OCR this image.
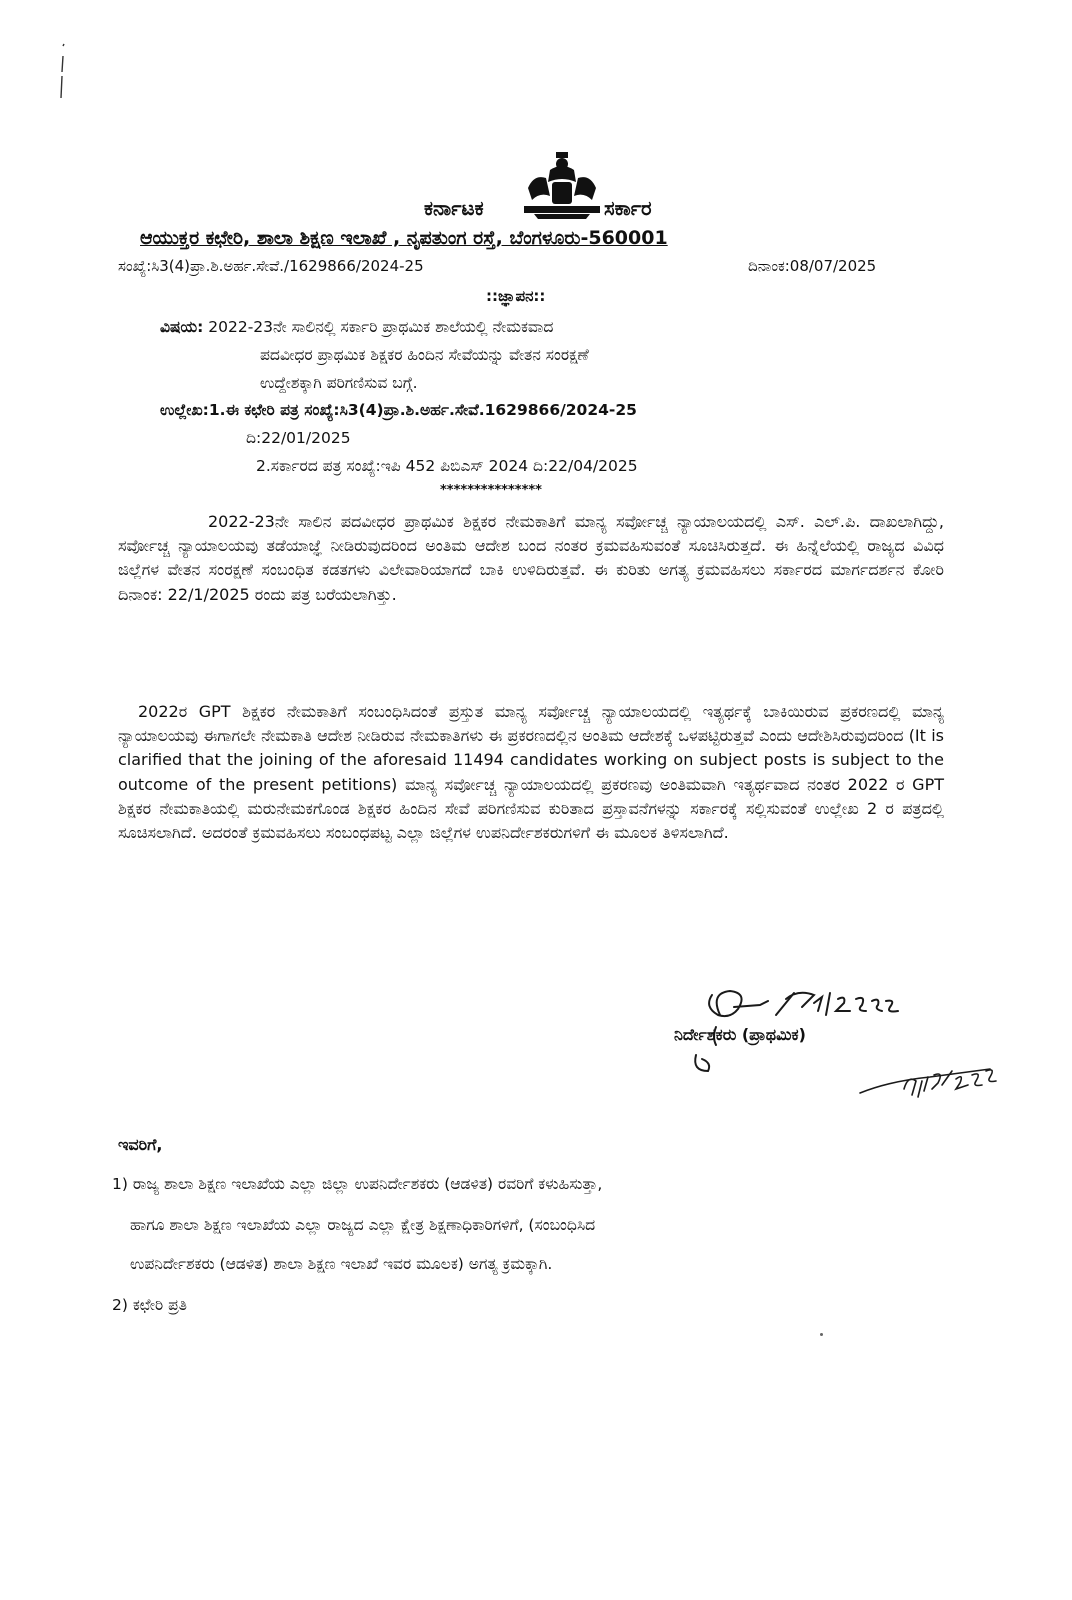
ಕರ್ನಾಟಕ	ಸರ್ಕಾರ
ಆಯುಕ್ತರ ಕಛೇರಿ, ಶಾಲಾ ಶಿಕ್ಷಣ ಇಲಾಖೆ , ನೃಪತುಂಗ ರಸ್ತೆ, ಬೆಂಗಳೂರು-560001
ಸಂಖ್ಯೆ:ಸಿ3(4)ಪ್ರಾ.ಶಿ.ಅರ್ಹ.ಸೇವೆ./1629866/2024-25	ದಿನಾಂಕ:08/07/2025
::ಜ್ಞಾಪನ::
ವಿಷಯ: 2022-23ನೇ ಸಾಲಿನಲ್ಲಿ ಸರ್ಕಾರಿ ಪ್ರಾಥಮಿಕ ಶಾಲೆಯಲ್ಲಿ ನೇಮಕವಾದ
ಪದವೀಧರ ಪ್ರಾಥಮಿಕ ಶಿಕ್ಷಕರ ಹಿಂದಿನ ಸೇವೆಯನ್ನು ವೇತನ ಸಂರಕ್ಷಣೆ
ಉದ್ದೇಶಕ್ಕಾಗಿ ಪರಿಗಣಿಸುವ ಬಗ್ಗೆ.
ಉಲ್ಲೇಖ:1.ಈ ಕಛೇರಿ ಪತ್ರ ಸಂಖ್ಯೆ:ಸಿ3(4)ಪ್ರಾ.ಶಿ.ಅರ್ಹ.ಸೇವೆ.1629866/2024-25
ದಿ:22/01/2025
2.ಸರ್ಕಾರದ ಪತ್ರ ಸಂಖ್ಯೆ:ಇಪಿ 452 ಪಿಬಿಎಸ್ 2024 ದಿ:22/04/2025
***************
2022-23ನೇ ಸಾಲಿನ ಪದವೀಧರ ಪ್ರಾಥಮಿಕ ಶಿಕ್ಷಕರ ನೇಮಕಾತಿಗೆ ಮಾನ್ಯ ಸರ್ವೋಚ್ಚ ನ್ಯಾಯಾಲಯದಲ್ಲಿ ಎಸ್. ಎಲ್.ಪಿ. ದಾಖಲಾಗಿದ್ದು, ಸರ್ವೋಚ್ಚ ನ್ಯಾಯಾಲಯವು ತಡೆಯಾಜ್ಞೆ ನೀಡಿರುವುದರಿಂದ ಅಂತಿಮ ಆದೇಶ ಬಂದ ನಂತರ ಕ್ರಮವಹಿಸುವಂತೆ ಸೂಚಿಸಿರುತ್ತದೆ. ಈ ಹಿನ್ನೆಲೆಯಲ್ಲಿ ರಾಜ್ಯದ ವಿವಿಧ ಜಿಲ್ಲೆಗಳ ವೇತನ ಸಂರಕ್ಷಣೆ ಸಂಬಂಧಿತ ಕಡತಗಳು ವಿಲೇವಾರಿಯಾಗದೆ ಬಾಕಿ ಉಳಿದಿರುತ್ತವೆ. ಈ ಕುರಿತು ಅಗತ್ಯ ಕ್ರಮವಹಿಸಲು ಸರ್ಕಾರದ ಮಾರ್ಗದರ್ಶನ ಕೋರಿ ದಿನಾಂಕ: 22/1/2025 ರಂದು ಪತ್ರ ಬರೆಯಲಾಗಿತ್ತು.
2022ರ GPT ಶಿಕ್ಷಕರ ನೇಮಕಾತಿಗೆ ಸಂಬಂಧಿಸಿದಂತೆ ಪ್ರಸ್ತುತ ಮಾನ್ಯ ಸರ್ವೋಚ್ಚ ನ್ಯಾಯಾಲಯದಲ್ಲಿ ಇತ್ಯರ್ಥಕ್ಕೆ ಬಾಕಿಯಿರುವ ಪ್ರಕರಣದಲ್ಲಿ ಮಾನ್ಯ ನ್ಯಾಯಾಲಯವು ಈಗಾಗಲೇ ನೇಮಕಾತಿ ಆದೇಶ ನೀಡಿರುವ ನೇಮಕಾತಿಗಳು ಈ ಪ್ರಕರಣದಲ್ಲಿನ ಅಂತಿಮ ಆದೇಶಕ್ಕೆ ಒಳಪಟ್ಟಿರುತ್ತವೆ ಎಂದು ಆದೇಶಿಸಿರುವುದರಿಂದ (It is clarified that the joining of the aforesaid 11494 candidates working on subject posts is subject to the outcome of the present petitions) ಮಾನ್ಯ ಸರ್ವೋಚ್ಚ ನ್ಯಾಯಾಲಯದಲ್ಲಿ ಪ್ರಕರಣವು ಅಂತಿಮವಾಗಿ ಇತ್ಯರ್ಥವಾದ ನಂತರ 2022 ರ GPT ಶಿಕ್ಷಕರ ನೇಮಕಾತಿಯಲ್ಲಿ ಮರುನೇಮಕಗೊಂಡ ಶಿಕ್ಷಕರ ಹಿಂದಿನ ಸೇವೆ ಪರಿಗಣಿಸುವ ಕುರಿತಾದ ಪ್ರಸ್ತಾವನೆಗಳನ್ನು ಸರ್ಕಾರಕ್ಕೆ ಸಲ್ಲಿಸುವಂತೆ ಉಲ್ಲೇಖ 2 ರ ಪತ್ರದಲ್ಲಿ ಸೂಚಿಸಲಾಗಿದೆ. ಅದರಂತೆ ಕ್ರಮವಹಿಸಲು ಸಂಬಂಧಪಟ್ಟ ಎಲ್ಲಾ ಜಿಲ್ಲೆಗಳ ಉಪನಿರ್ದೇಶಕರುಗಳಿಗೆ ಈ ಮೂಲಕ ತಿಳಿಸಲಾಗಿದೆ.
ನಿರ್ದೇಶಕರು (ಪ್ರಾಥಮಿಕ)
ಇವರಿಗೆ,
1) ರಾಜ್ಯ ಶಾಲಾ ಶಿಕ್ಷಣ ಇಲಾಖೆಯ ಎಲ್ಲಾ ಜಿಲ್ಲಾ ಉಪನಿರ್ದೇಶಕರು (ಆಡಳಿತ) ರವರಿಗೆ ಕಳುಹಿಸುತ್ತಾ,
ಹಾಗೂ ಶಾಲಾ ಶಿಕ್ಷಣ ಇಲಾಖೆಯ ಎಲ್ಲಾ ರಾಜ್ಯದ ಎಲ್ಲಾ ಕ್ಷೇತ್ರ ಶಿಕ್ಷಣಾಧಿಕಾರಿಗಳಿಗೆ, (ಸಂಬಂಧಿಸಿದ
ಉಪನಿರ್ದೇಶಕರು (ಆಡಳಿತ) ಶಾಲಾ ಶಿಕ್ಷಣ ಇಲಾಖೆ ಇವರ ಮೂಲಕ) ಅಗತ್ಯ ಕ್ರಮಕ್ಕಾಗಿ.
2) ಕಛೇರಿ ಪ್ರತಿ
